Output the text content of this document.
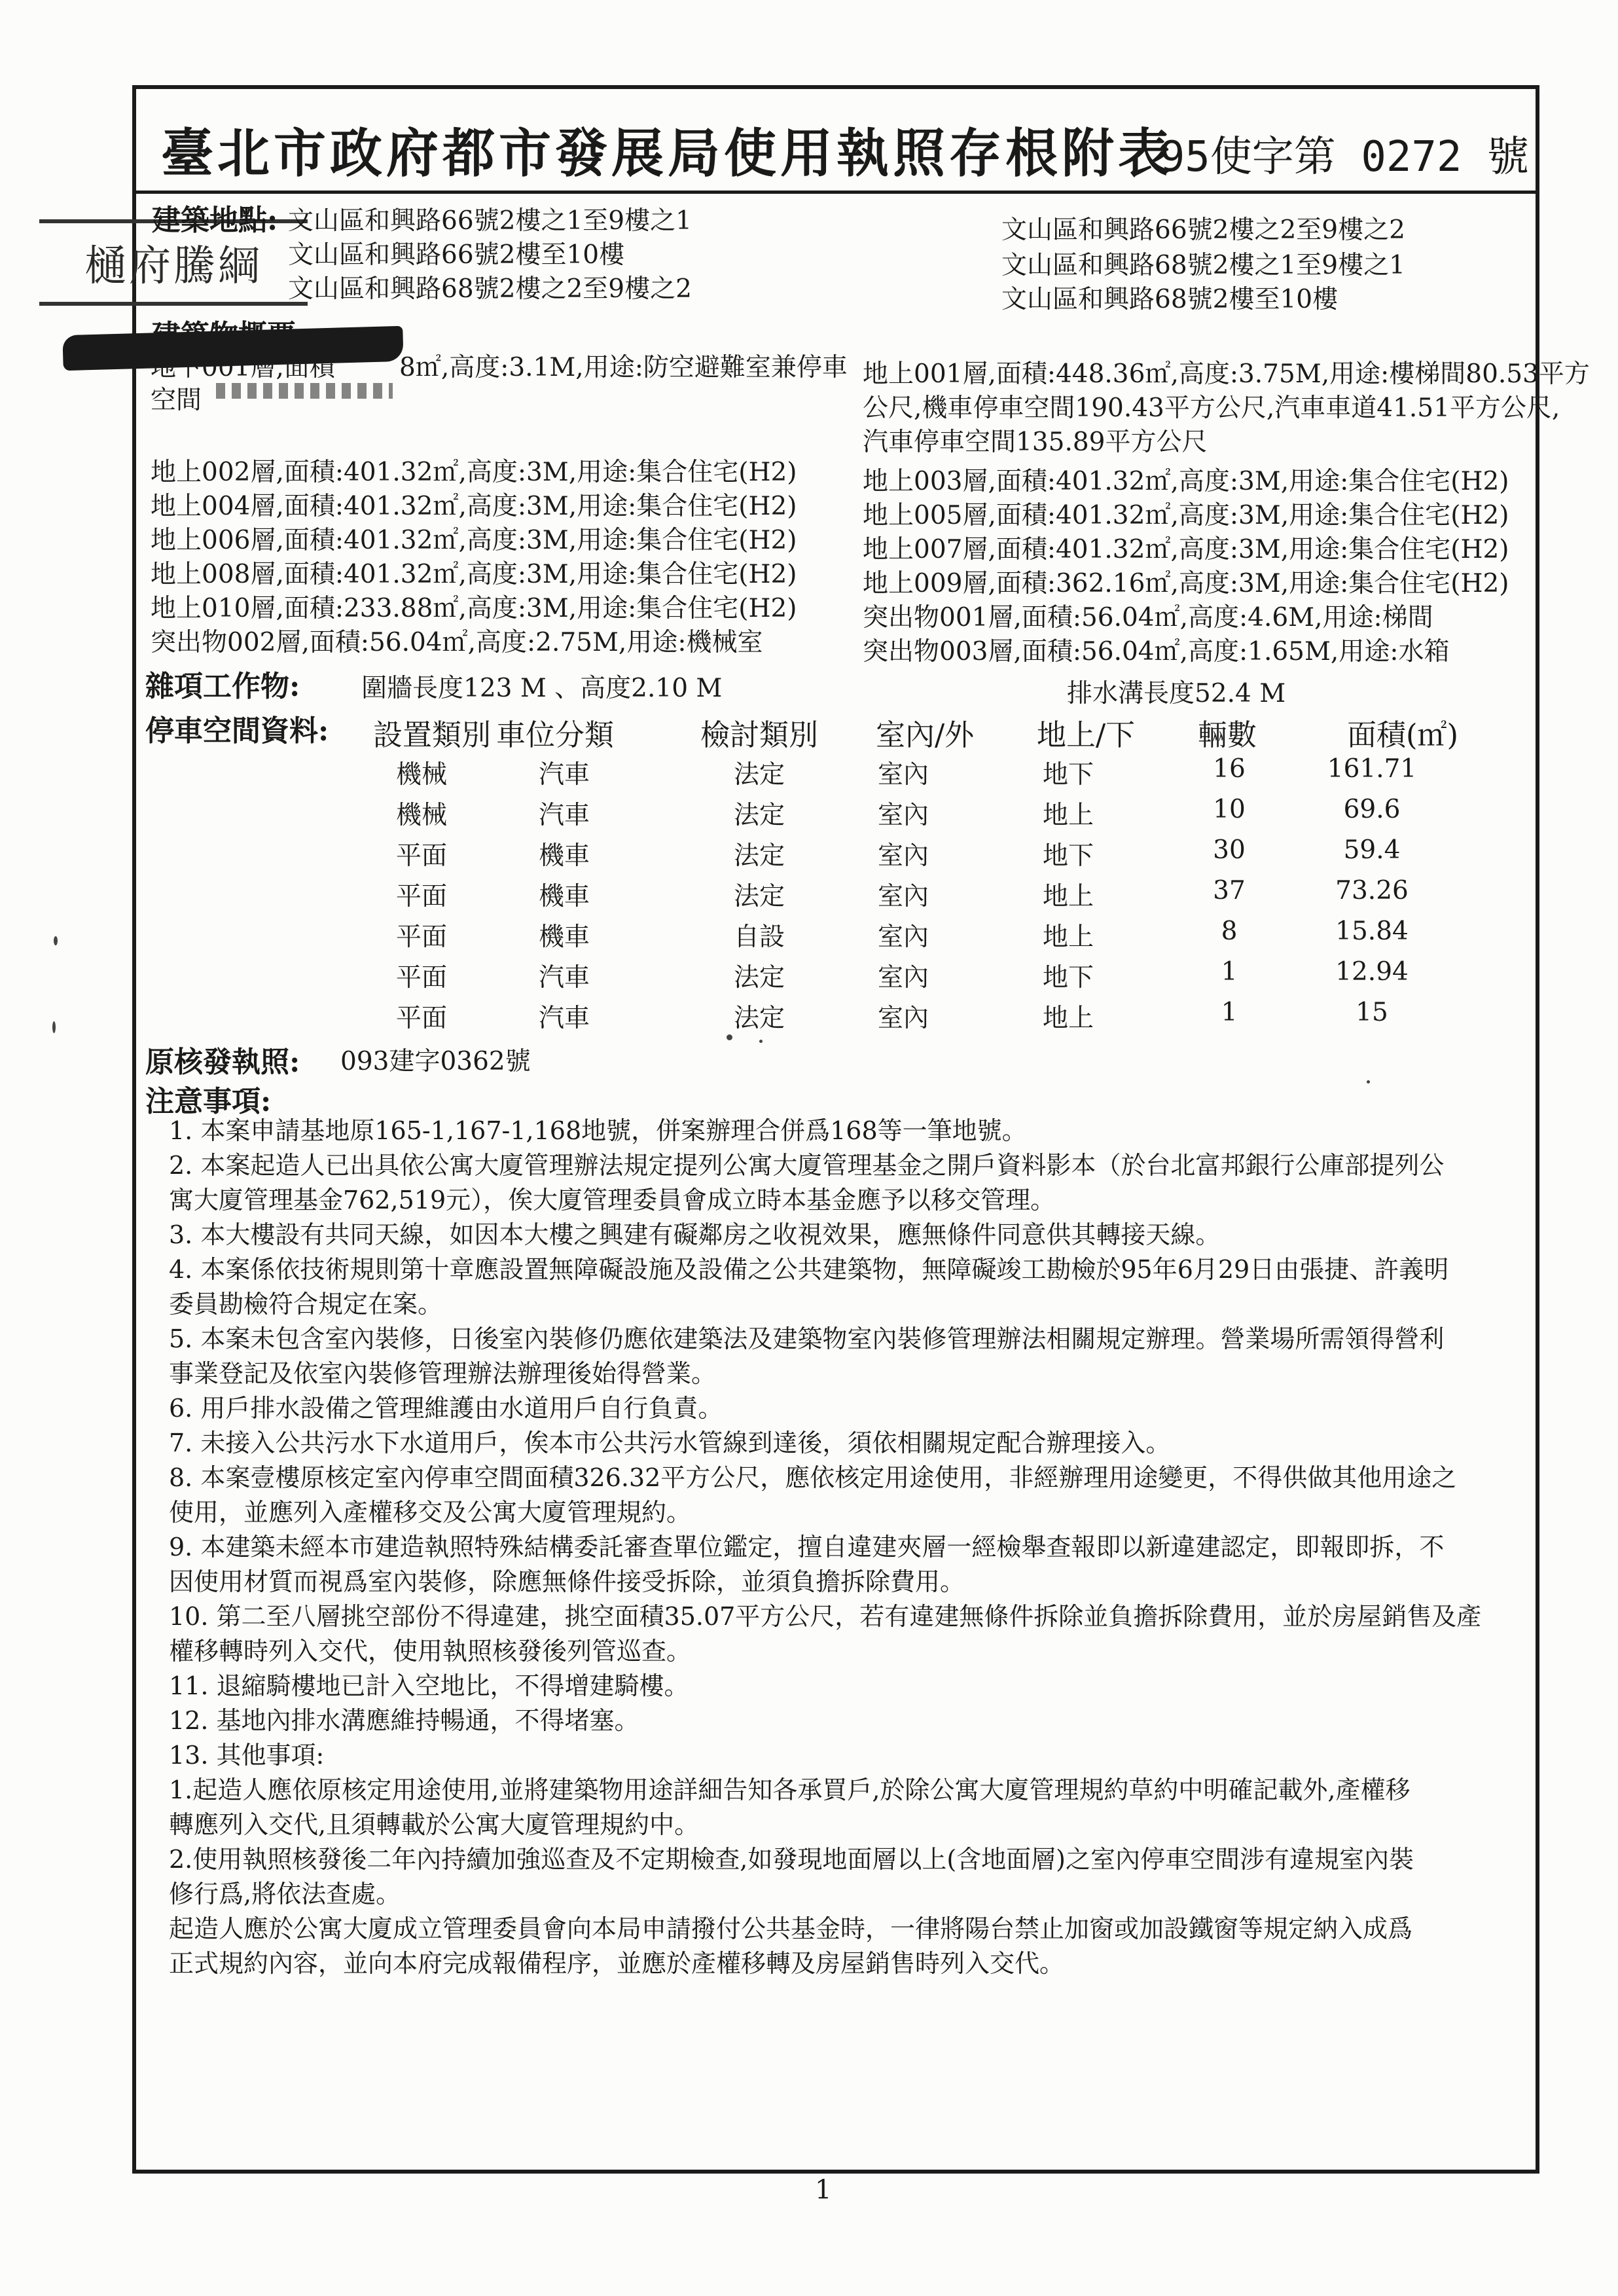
臺北市政府都市發展局使用執照存根附表
95使字第 0272 號
樋府騰綱
建築地點: 文山區和興路66號2樓之1至9樓之1
文山區和興路66號2樓至10樓
文山區和興路68號2樓之2至9樓之2
文山區和興路66號2樓之2至9樓之2
文山區和興路68號2樓之1至9樓之1
文山區和興路68號2樓至10樓
地下001層,面積	8㎡,高度:3.1M,用途:防空避難室兼停車
空間
地上001層,面積:448.36㎡,高度:3.75M,用途:樓梯間80.53平方
公尺,機車停車空間190.43平方公尺,汽車車道41.51平方公尺,
汽車停車空間135.89平方公尺
地上002層,面積:401.32㎡,高度:3M,用途:集合住宅(H2)
地上004層,面積:401.32㎡,高度:3M,用途:集合住宅(H2)
地上006層,面積:401.32㎡,高度:3M,用途:集合住宅(H2)
地上008層,面積:401.32㎡,高度:3M,用途:集合住宅(H2)
地上010層,面積:233.88㎡,高度:3M,用途:集合住宅(H2)
突出物002層,面積:56.04㎡,高度:2.75M,用途:機械室
地上003層,面積:401.32㎡,高度:3M,用途:集合住宅(H2)
地上005層,面積:401.32㎡,高度:3M,用途:集合住宅(H2)
地上007層,面積:401.32㎡,高度:3M,用途:集合住宅(H2)
地上009層,面積:362.16㎡,高度:3M,用途:集合住宅(H2)
突出物001層,面積:56.04㎡,高度:4.6M,用途:梯間
突出物003層,面積:56.04㎡,高度:1.65M,用途:水箱
雜項工作物: 圍牆長度123 M 、高度2.10 M	排水溝長度52.4 M
停車空間資料: 設置類別 車位分類	檢討類別 室內/外 地上/下 輛數	面積(㎡)
機械	汽車	法定	室內	地下	16	161.71
機械	汽車	法定	室內	地上	10	69.6
平面	機車	法定	室內	地下	30	59.4
平面	機車	法定	室內	地上	37	73.26
平面	機車	自設	室內	地上	8	15.84
平面	汽車	法定	室內	地下	1	12.94
平面	汽車	法定	室內	地上	1	15
原核發執照: 093建字0362號
注意事項:
1. 本案申請基地原165-1,167-1,168地號，併案辦理合併爲168等一筆地號。
2. 本案起造人已出具依公寓大廈管理辦法規定提列公寓大廈管理基金之開戶資料影本（於台北富邦銀行公庫部提列公
寓大廈管理基金762,519元），俟大廈管理委員會成立時本基金應予以移交管理。
3. 本大樓設有共同天線，如因本大樓之興建有礙鄰房之收視效果，應無條件同意供其轉接天線。
4. 本案係依技術規則第十章應設置無障礙設施及設備之公共建築物，無障礙竣工勘檢於95年6月29日由張捷、許義明
委員勘檢符合規定在案。
5. 本案未包含室內裝修，日後室內裝修仍應依建築法及建築物室內裝修管理辦法相關規定辦理。營業場所需領得營利
事業登記及依室內裝修管理辦法辦理後始得營業。
6. 用戶排水設備之管理維護由水道用戶自行負責。
7. 未接入公共污水下水道用戶，俟本市公共污水管線到達後，須依相關規定配合辦理接入。
8. 本案壹樓原核定室內停車空間面積326.32平方公尺，應依核定用途使用，非經辦理用途變更，不得供做其他用途之
使用，並應列入產權移交及公寓大廈管理規約。
9. 本建築未經本市建造執照特殊結構委託審查單位鑑定，擅自違建夾層一經檢舉查報即以新違建認定，即報即拆，不
因使用材質而視爲室內裝修，除應無條件接受拆除，並須負擔拆除費用。
10. 第二至八層挑空部份不得違建，挑空面積35.07平方公尺，若有違建無條件拆除並負擔拆除費用，並於房屋銷售及產
權移轉時列入交代，使用執照核發後列管巡查。
11. 退縮騎樓地已計入空地比，不得增建騎樓。
12. 基地內排水溝應維持暢通，不得堵塞。
13. 其他事項:
1.起造人應依原核定用途使用,並將建築物用途詳細告知各承買戶,於除公寓大廈管理規約草約中明確記載外,產權移
轉應列入交代,且須轉載於公寓大廈管理規約中。
2.使用執照核發後二年內持續加強巡查及不定期檢查,如發現地面層以上(含地面層)之室內停車空間涉有違規室內裝
修行爲,將依法查處。
起造人應於公寓大廈成立管理委員會向本局申請撥付公共基金時，一律將陽台禁止加窗或加設鐵窗等規定納入成爲
正式規約內容，並向本府完成報備程序，並應於產權移轉及房屋銷售時列入交代。
1
